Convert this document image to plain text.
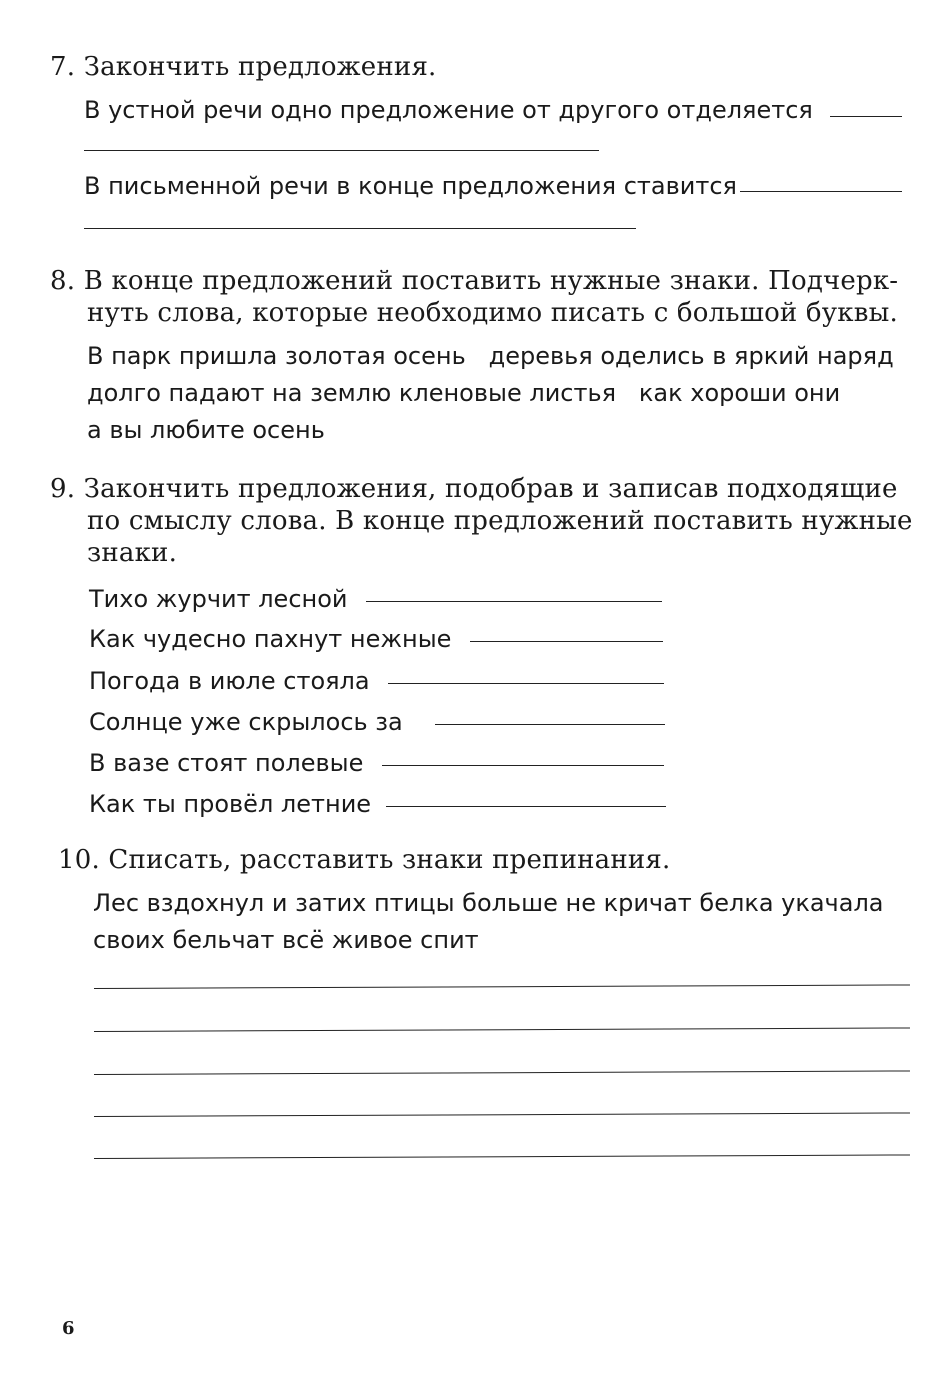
7. Закончить предложения.
В устной речи одно предложение от другого отделяется
В письменной речи в конце предложения ставится
8. В конце предложений поставить нужные знаки. Подчерк-
нуть слова, которые необходимо писать с большой буквы.
В парк пришла золотая осень   деревья оделись в яркий наряд
долго падают на землю кленовые листья   как хороши они
а вы любите осень
9. Закончить предложения, подобрав и записав подходящие
по смыслу слова. В конце предложений поставить нужные
знаки.
Тихо журчит лесной
Как чудесно пахнут нежные
Погода в июле стояла
Солнце уже скрылось за
В вазе стоят полевые
Как ты провёл летние
10. Списать, расставить знаки препинания.
Лес вздохнул и затих птицы больше не кричат белка укачала
своих бельчат всё живое спит
6
